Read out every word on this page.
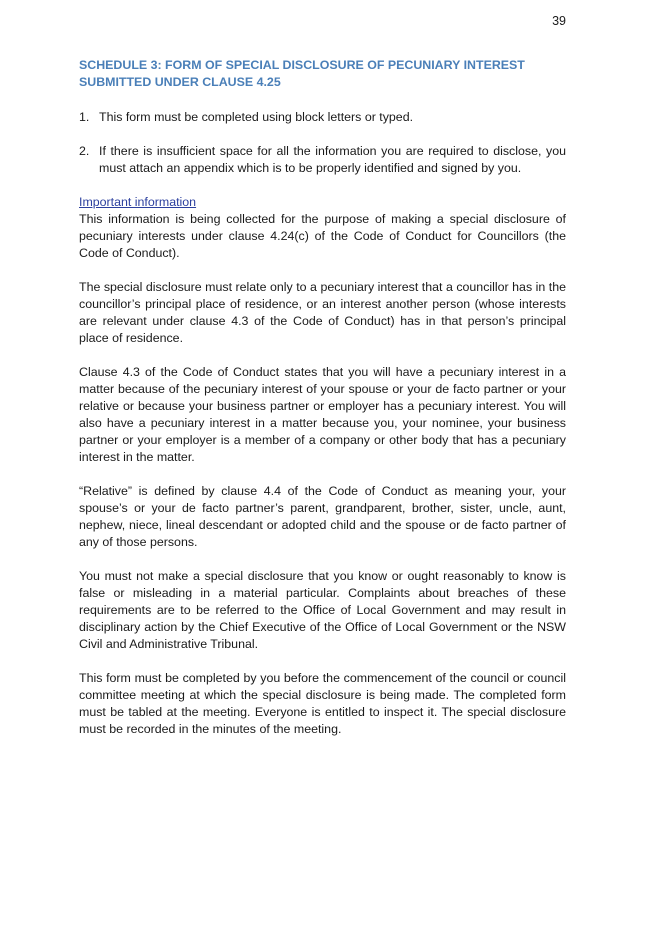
39
SCHEDULE 3: FORM OF SPECIAL DISCLOSURE OF PECUNIARY INTEREST SUBMITTED UNDER CLAUSE 4.25
1. This form must be completed using block letters or typed.
2. If there is insufficient space for all the information you are required to disclose, you must attach an appendix which is to be properly identified and signed by you.
Important information

This information is being collected for the purpose of making a special disclosure of pecuniary interests under clause 4.24(c) of the Code of Conduct for Councillors (the Code of Conduct).

The special disclosure must relate only to a pecuniary interest that a councillor has in the councillor’s principal place of residence, or an interest another person (whose interests are relevant under clause 4.3 of the Code of Conduct) has in that person’s principal place of residence.

Clause 4.3 of the Code of Conduct states that you will have a pecuniary interest in a matter because of the pecuniary interest of your spouse or your de facto partner or your relative or because your business partner or employer has a pecuniary interest. You will also have a pecuniary interest in a matter because you, your nominee, your business partner or your employer is a member of a company or other body that has a pecuniary interest in the matter.

“Relative” is defined by clause 4.4 of the Code of Conduct as meaning your, your spouse’s or your de facto partner’s parent, grandparent, brother, sister, uncle, aunt, nephew, niece, lineal descendant or adopted child and the spouse or de facto partner of any of those persons.

You must not make a special disclosure that you know or ought reasonably to know is false or misleading in a material particular. Complaints about breaches of these requirements are to be referred to the Office of Local Government and may result in disciplinary action by the Chief Executive of the Office of Local Government or the NSW Civil and Administrative Tribunal.

This form must be completed by you before the commencement of the council or council committee meeting at which the special disclosure is being made. The completed form must be tabled at the meeting. Everyone is entitled to inspect it. The special disclosure must be recorded in the minutes of the meeting.
